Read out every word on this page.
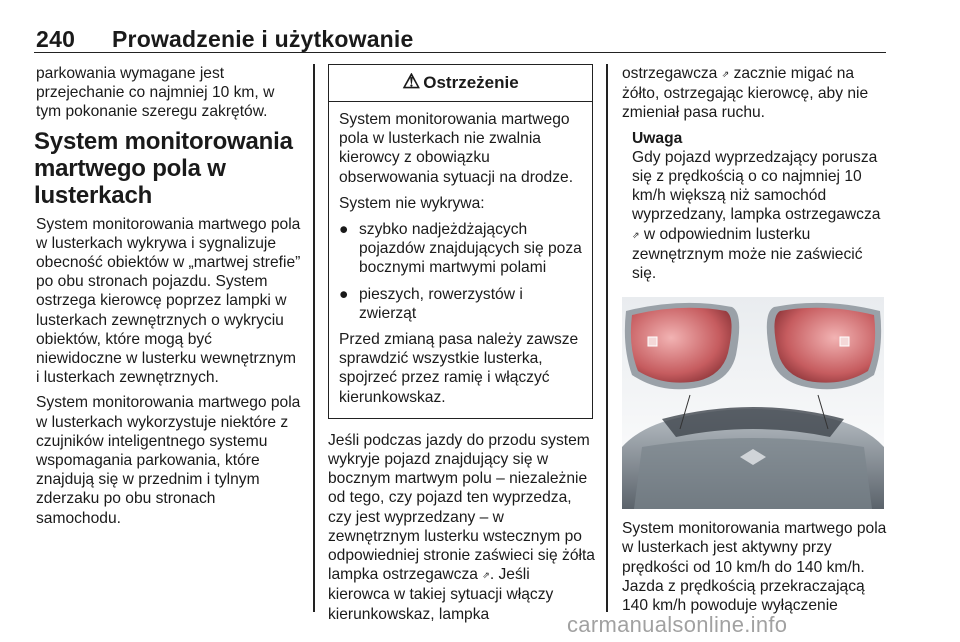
240 Prowadzenie i użytkowanie

parkowania wymagane jest przejechanie co najmniej 10 km, w tym pokonanie szeregu zakrętów.

System monitorowania martwego pola w lusterkach

System monitorowania martwego pola w lusterkach wykrywa i sygnalizuje obecność obiektów w „martwej strefie” po obu stronach pojazdu. System ostrzega kierowcę poprzez lampki w lusterkach zewnętrznych o wykryciu obiektów, które mogą być niewidoczne w lusterku wewnętrznym i lusterkach zewnętrznych.

System monitorowania martwego pola w lusterkach wykorzystuje niektóre z czujników inteligentnego systemu wspomagania parkowania, które znajdują się w przednim i tylnym zderzaku po obu stronach samochodu.

⚠ Ostrzeżenie

System monitorowania martwego pola w lusterkach nie zwalnia kierowcy z obowiązku obserwowania sytuacji na drodze.

System nie wykrywa:

● szybko nadjeżdżających pojazdów znajdujących się poza bocznymi martwymi polami
● pieszych, rowerzystów i zwierząt

Przed zmianą pasa należy zawsze sprawdzić wszystkie lusterka, spojrzeć przez ramię i włączyć kierunkowskaz.

Jeśli podczas jazdy do przodu system wykryje pojazd znajdujący się w bocznym martwym polu – niezależnie od tego, czy pojazd ten wyprzedza, czy jest wyprzedzany – w zewnętrznym lusterku wstecznym po odpowiedniej stronie zaświeci się żółta lampka ostrzegawcza ⇗. Jeśli kierowca w takiej sytuacji włączy kierunkowskaz, lampka

ostrzegawcza ⇗ zacznie migać na żółto, ostrzegając kierowcę, aby nie zmieniał pasa ruchu.

Uwaga
Gdy pojazd wyprzedzający porusza się z prędkością o co najmniej 10 km/h większą niż samochód wyprzedzany, lampka ostrzegawcza ⇗ w odpowiednim lusterku zewnętrznym może nie zaświecić się.

System monitorowania martwego pola w lusterkach jest aktywny przy prędkości od 10 km/h do 140 km/h. Jazda z prędkością przekraczającą 140 km/h powoduje wyłączenie

carmanualsonline.info
